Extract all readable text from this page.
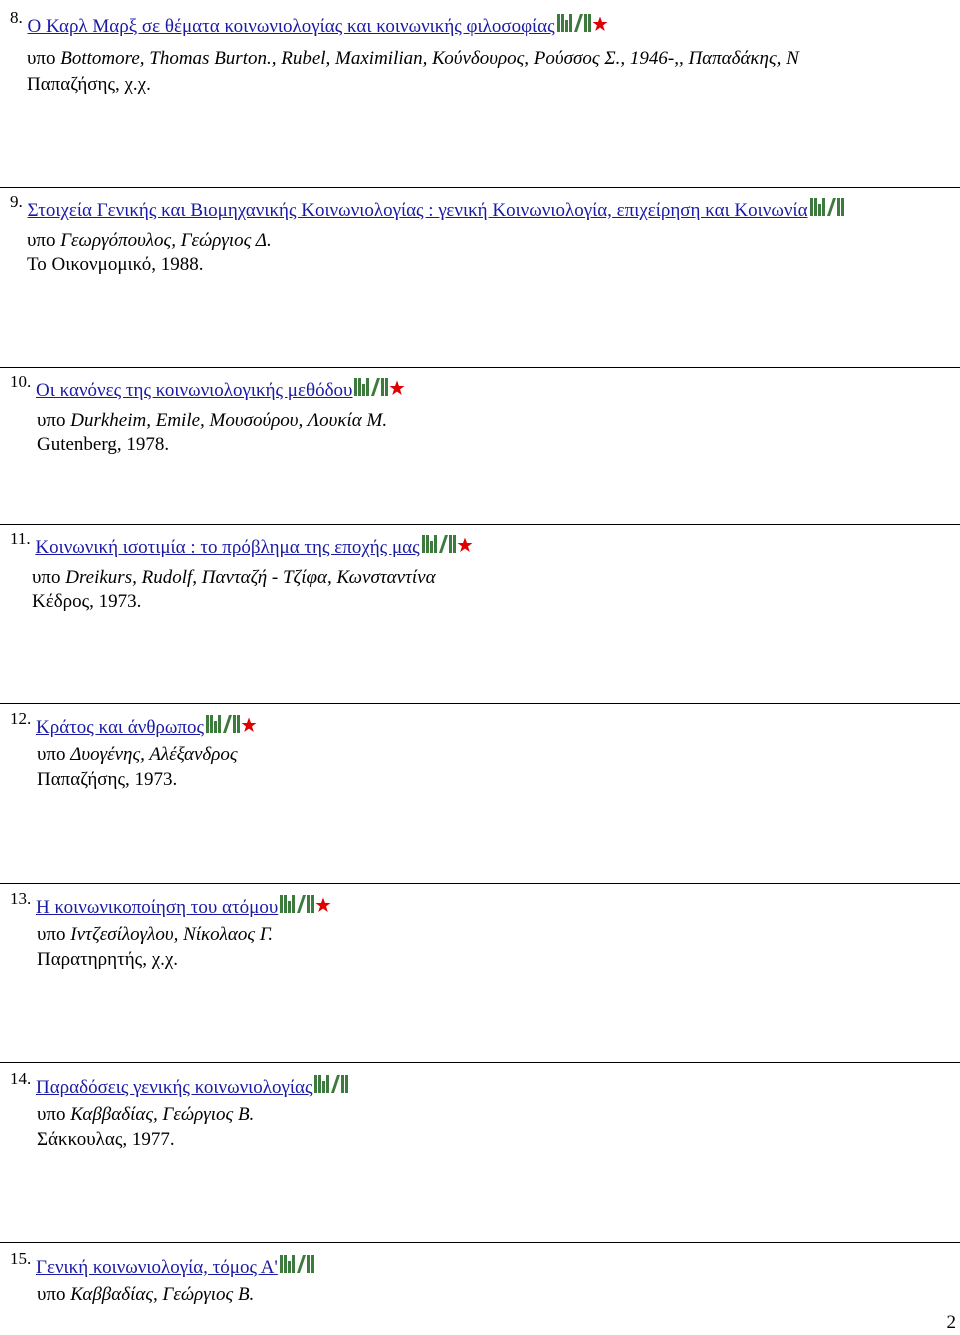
8. Ο Καρλ Μαρξ σε θέματα κοινωνιολογίας και κοινωνικής φιλοσοφίας
υπο Bottomore, Thomas Burton., Rubel, Maximilian, Κούνδουρος, Ρούσσος Σ., 1946-,, Παπαδάκης, Ν
Παπαζήσης, χ.χ.
9. Στοιχεία Γενικής και Βιομηχανικής Κοινωνιολογίας : γενική Κοινωνιολογία, επιχείρηση και Κοινωνία
υπο Γεωργόπουλος, Γεώργιος Δ.
Το Οικονμομικό, 1988.
10. Οι κανόνες της κοινωνιολογικής μεθόδου
υπο Durkheim, Emile, Μουσούρου, Λουκία Μ.
Gutenberg, 1978.
11. Κοινωνική ισοτιμία : το πρόβλημα της εποχής μας
υπο Dreikurs, Rudolf, Πανταζή - Τζίφα, Κωνσταντίνα
Κέδρος, 1973.
12. Κράτος και άνθρωπος
υπο Δυογένης, Αλέξανδρος
Παπαζήσης, 1973.
13. Η κοινωνικοποίηση του ατόμου
υπο Ιντζεσίλογλου, Νίκολαος Γ.
Παρατηρητής, χ.χ.
14. Παραδόσεις γενικής κοινωνιολογίας
υπο Καββαδίας, Γεώργιος Β.
Σάκκουλας, 1977.
15. Γενική κοινωνιολογία, τόμος Α'
υπο Καββαδίας, Γεώργιος Β.
2
